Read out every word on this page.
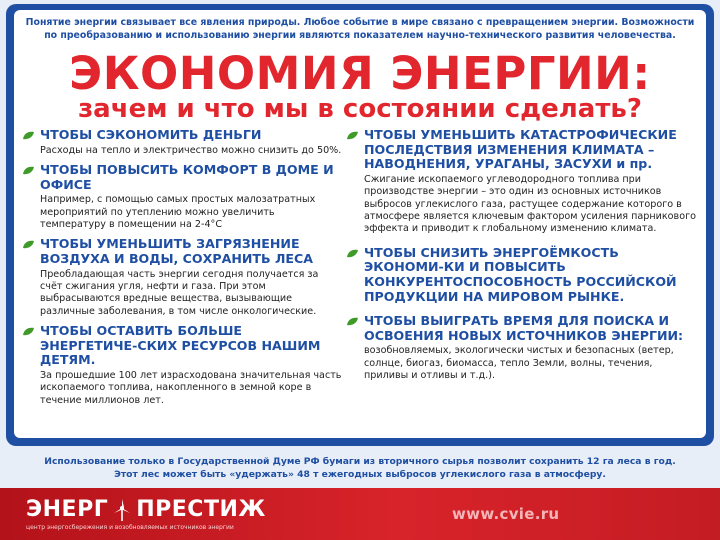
Понятие энергии связывает все явления природы. Любое событие в мире связано с превращением энергии. Возможности по преобразованию и использованию энергии являются показателем научно-технического развития человечества.
ЭКОНОМИЯ ЭНЕРГИИ:
зачем и что мы в состоянии сделать?
ЧТОБЫ СЭКОНОМИТЬ ДЕНЬГИ
Расходы на тепло и электричество можно снизить до 50%.
ЧТОБЫ ПОВЫСИТЬ КОМФОРТ В ДОМЕ И ОФИСЕ
Например, с помощью самых простых малозатратных мероприятий по утеплению можно увеличить температуру в помещении на 2-4°С
ЧТОБЫ УМЕНЬШИТЬ ЗАГРЯЗНЕНИЕ ВОЗДУХА И ВОДЫ, СОХРАНИТЬ ЛЕСА
Преобладающая часть энергии сегодня получается за счёт сжигания угля, нефти и газа. При этом выбрасываются вредные вещества, вызывающие различные заболевания, в том числе онкологические.
ЧТОБЫ ОСТАВИТЬ БОЛЬШЕ ЭНЕРГЕТИЧЕ-СКИХ РЕСУРСОВ НАШИМ ДЕТЯМ.
За прошедшие 100 лет израсходована значительная часть ископаемого топлива, накопленного в земной коре в течение миллионов лет.
ЧТОБЫ УМЕНЬШИТЬ КАТАСТРОФИЧЕСКИЕ ПОСЛЕДСТВИЯ ИЗМЕНЕНИЯ КЛИМАТА – НАВОДНЕНИЯ, УРАГАНЫ, ЗАСУХИ и пр.
Сжигание ископаемого углеводородного топлива при производстве энергии – это один из основных источников выбросов углекислого газа, растущее содержание которого в атмосфере является ключевым фактором усиления парникового эффекта и приводит к глобальному изменению климата.
ЧТОБЫ СНИЗИТЬ ЭНЕРГОЁМКОСТЬ ЭКОНОМИ-КИ И ПОВЫСИТЬ КОНКУРЕНТОСПОСОБНОСТЬ РОССИЙСКОЙ ПРОДУКЦИИ НА МИРОВОМ РЫНКЕ.
ЧТОБЫ ВЫИГРАТЬ ВРЕМЯ ДЛЯ ПОИСКА И ОСВОЕНИЯ НОВЫХ ИСТОЧНИКОВ ЭНЕРГИИ:
возобновляемых, экологически чистых и безопасных (ветер, солнце, биогаз, биомасса, тепло Земли, волны, течения, приливы и отливы и т.д.).
Использование только в Государственной Думе РФ бумаги из вторичного сырья позволит сохранить 12 га леса в год.
Этот лес может быть «удержать» 48 т ежегодных выбросов углекислого газа в атмосферу.
ЭНЕРГ ПРЕСТИЖ
центр энергосбережения и возобновляемых источников энергии
www.cvie.ru
